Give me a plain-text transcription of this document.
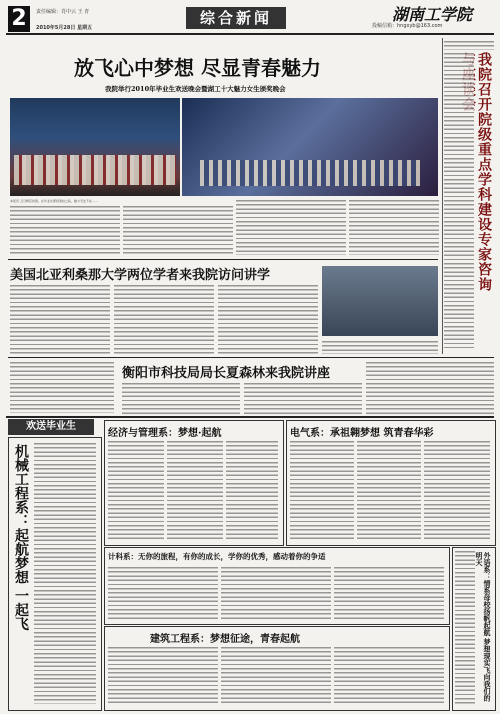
2	责任编辑：肖中云 王 青
2010年5月28日 星期五
综合新闻	湖南工学院
投稿信箱：hngxyb@163.com
放飞心中梦想 尽显青春魅力
我院举行2010年毕业生欢送晚会暨湖工十大魅力女生颁奖晚会
本报讯 五月繁花似锦，在毕业生即将离校之际，魅力无处不在……
我院召开院级重点学科建设专家咨询
美国北亚利桑那大学两位学者来我院访问讲学
衡阳市科技局局长夏森林来我院讲座
欢送毕业生
机械工程系：起航梦想 一起飞
经济与管理系：梦想·起航	电气系：承祖翱梦想 筑青春华彩
计科系：无你的旅程，有你的成长，学你的优秀，感动着你的争适
建筑工程系：梦想征途，青春起航	外语系：情系母校扬帆起航 梦想现实飞向我们的明天
